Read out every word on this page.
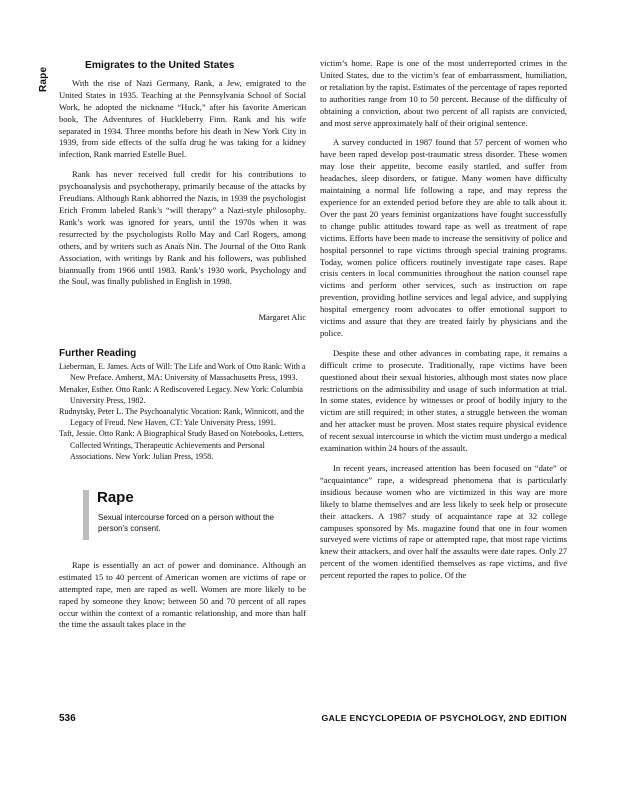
Rape
Emigrates to the United States

With the rise of Nazi Germany, Rank, a Jew, emigrated to the United States in 1935. Teaching at the Pennsylvania School of Social Work, he adopted the nickname “Huck,” after his favorite American book, The Adventures of Huckleberry Finn. Rank and his wife separated in 1934. Three months before his death in New York City in 1939, from side effects of the sulfa drug he was taking for a kidney infection, Rank married Estelle Buel.

Rank has never received full credit for his contributions to psychoanalysis and psychotherapy, primarily because of the attacks by Freudians. Although Rank abhorred the Nazis, in 1939 the psychologist Erich Fromm labeled Rank’s “will therapy” a Nazi-style philosophy. Rank’s work was ignored for years, until the 1970s when it was resurrected by the psychologists Rollo May and Carl Rogers, among others, and by writers such as Anaïs Nin. The Journal of the Otto Rank Association, with writings by Rank and his followers, was published biannually from 1966 until 1983. Rank’s 1930 work, Psychology and the Soul, was finally published in English in 1998.

Margaret Alic
Further Reading

Lieberman, E. James. Acts of Will: The Life and Work of Otto Rank: With a New Preface. Amherst, MA: University of Massachusetts Press, 1993.

Menaker, Esther. Otto Rank: A Rediscovered Legacy. New York: Columbia University Press, 1982.

Rudnytsky, Peter L. The Psychoanalytic Vocation: Rank, Winnicott, and the Legacy of Freud. New Haven, CT: Yale University Press, 1991.

Taft, Jessie. Otto Rank: A Biographical Study Based on Notebooks, Letters, Collected Writings, Therapeutic Achievements and Personal Associations. New York: Julian Press, 1958.

Rape
Sexual intercourse forced on a person without the person’s consent.

Rape is essentially an act of power and dominance. Although an estimated 15 to 40 percent of American women are victims of rape or attempted rape, men are raped as well. Women are more likely to be raped by someone they know; between 50 and 70 percent of all rapes occur within the context of a romantic relationship, and more than half the time the assault takes place in the

victim’s home. Rape is one of the most underreported crimes in the United States, due to the victim’s fear of embarrassment, humiliation, or retaliation by the rapist. Estimates of the percentage of rapes reported to authorities range from 10 to 50 percent. Because of the difficulty of obtaining a conviction, about two percent of all rapists are convicted, and most serve approximately half of their original sentence.

A survey conducted in 1987 found that 57 percent of women who have been raped develop post-traumatic stress disorder. These women may lose their appetite, become easily startled, and suffer from headaches, sleep disorders, or fatigue. Many women have difficulty maintaining a normal life following a rape, and may repress the experience for an extended period before they are able to talk about it. Over the past 20 years feminist organizations have fought successfully to change public attitudes toward rape as well as treatment of rape victims. Efforts have been made to increase the sensitivity of police and hospital personnel to rape victims through special training programs. Today, women police officers routinely investigate rape cases. Rape crisis centers in local communities throughout the nation counsel rape victims and perform other services, such as instruction on rape prevention, providing hotline services and legal advice, and supplying hospital emergency room advocates to offer emotional support to victims and assure that they are treated fairly by physicians and the police.

Despite these and other advances in combating rape, it remains a difficult crime to prosecute. Traditionally, rape victims have been questioned about their sexual histories, although most states now place restrictions on the admissibility and usage of such information at trial. In some states, evidence by witnesses or proof of bodily injury to the victim are still required; in other states, a struggle between the woman and her attacker must be proven. Most states require physical evidence of recent sexual intercourse in which the victim must undergo a medical examination within 24 hours of the assault.

In recent years, increased attention has been focused on “date” or “acquaintance” rape, a widespread phenomena that is particularly insidious because women who are victimized in this way are more likely to blame themselves and are less likely to seek help or prosecute their attackers. A 1987 study of acquaintance rape at 32 college campuses sponsored by Ms. magazine found that one in four women surveyed were victims of rape or attempted rape, that most rape victims knew their attackers, and over half the assaults were date rapes. Only 27 percent of the women identified themselves as rape victims, and five percent reported the rapes to police. Of the

536	GALE ENCYCLOPEDIA OF PSYCHOLOGY, 2ND EDITION
